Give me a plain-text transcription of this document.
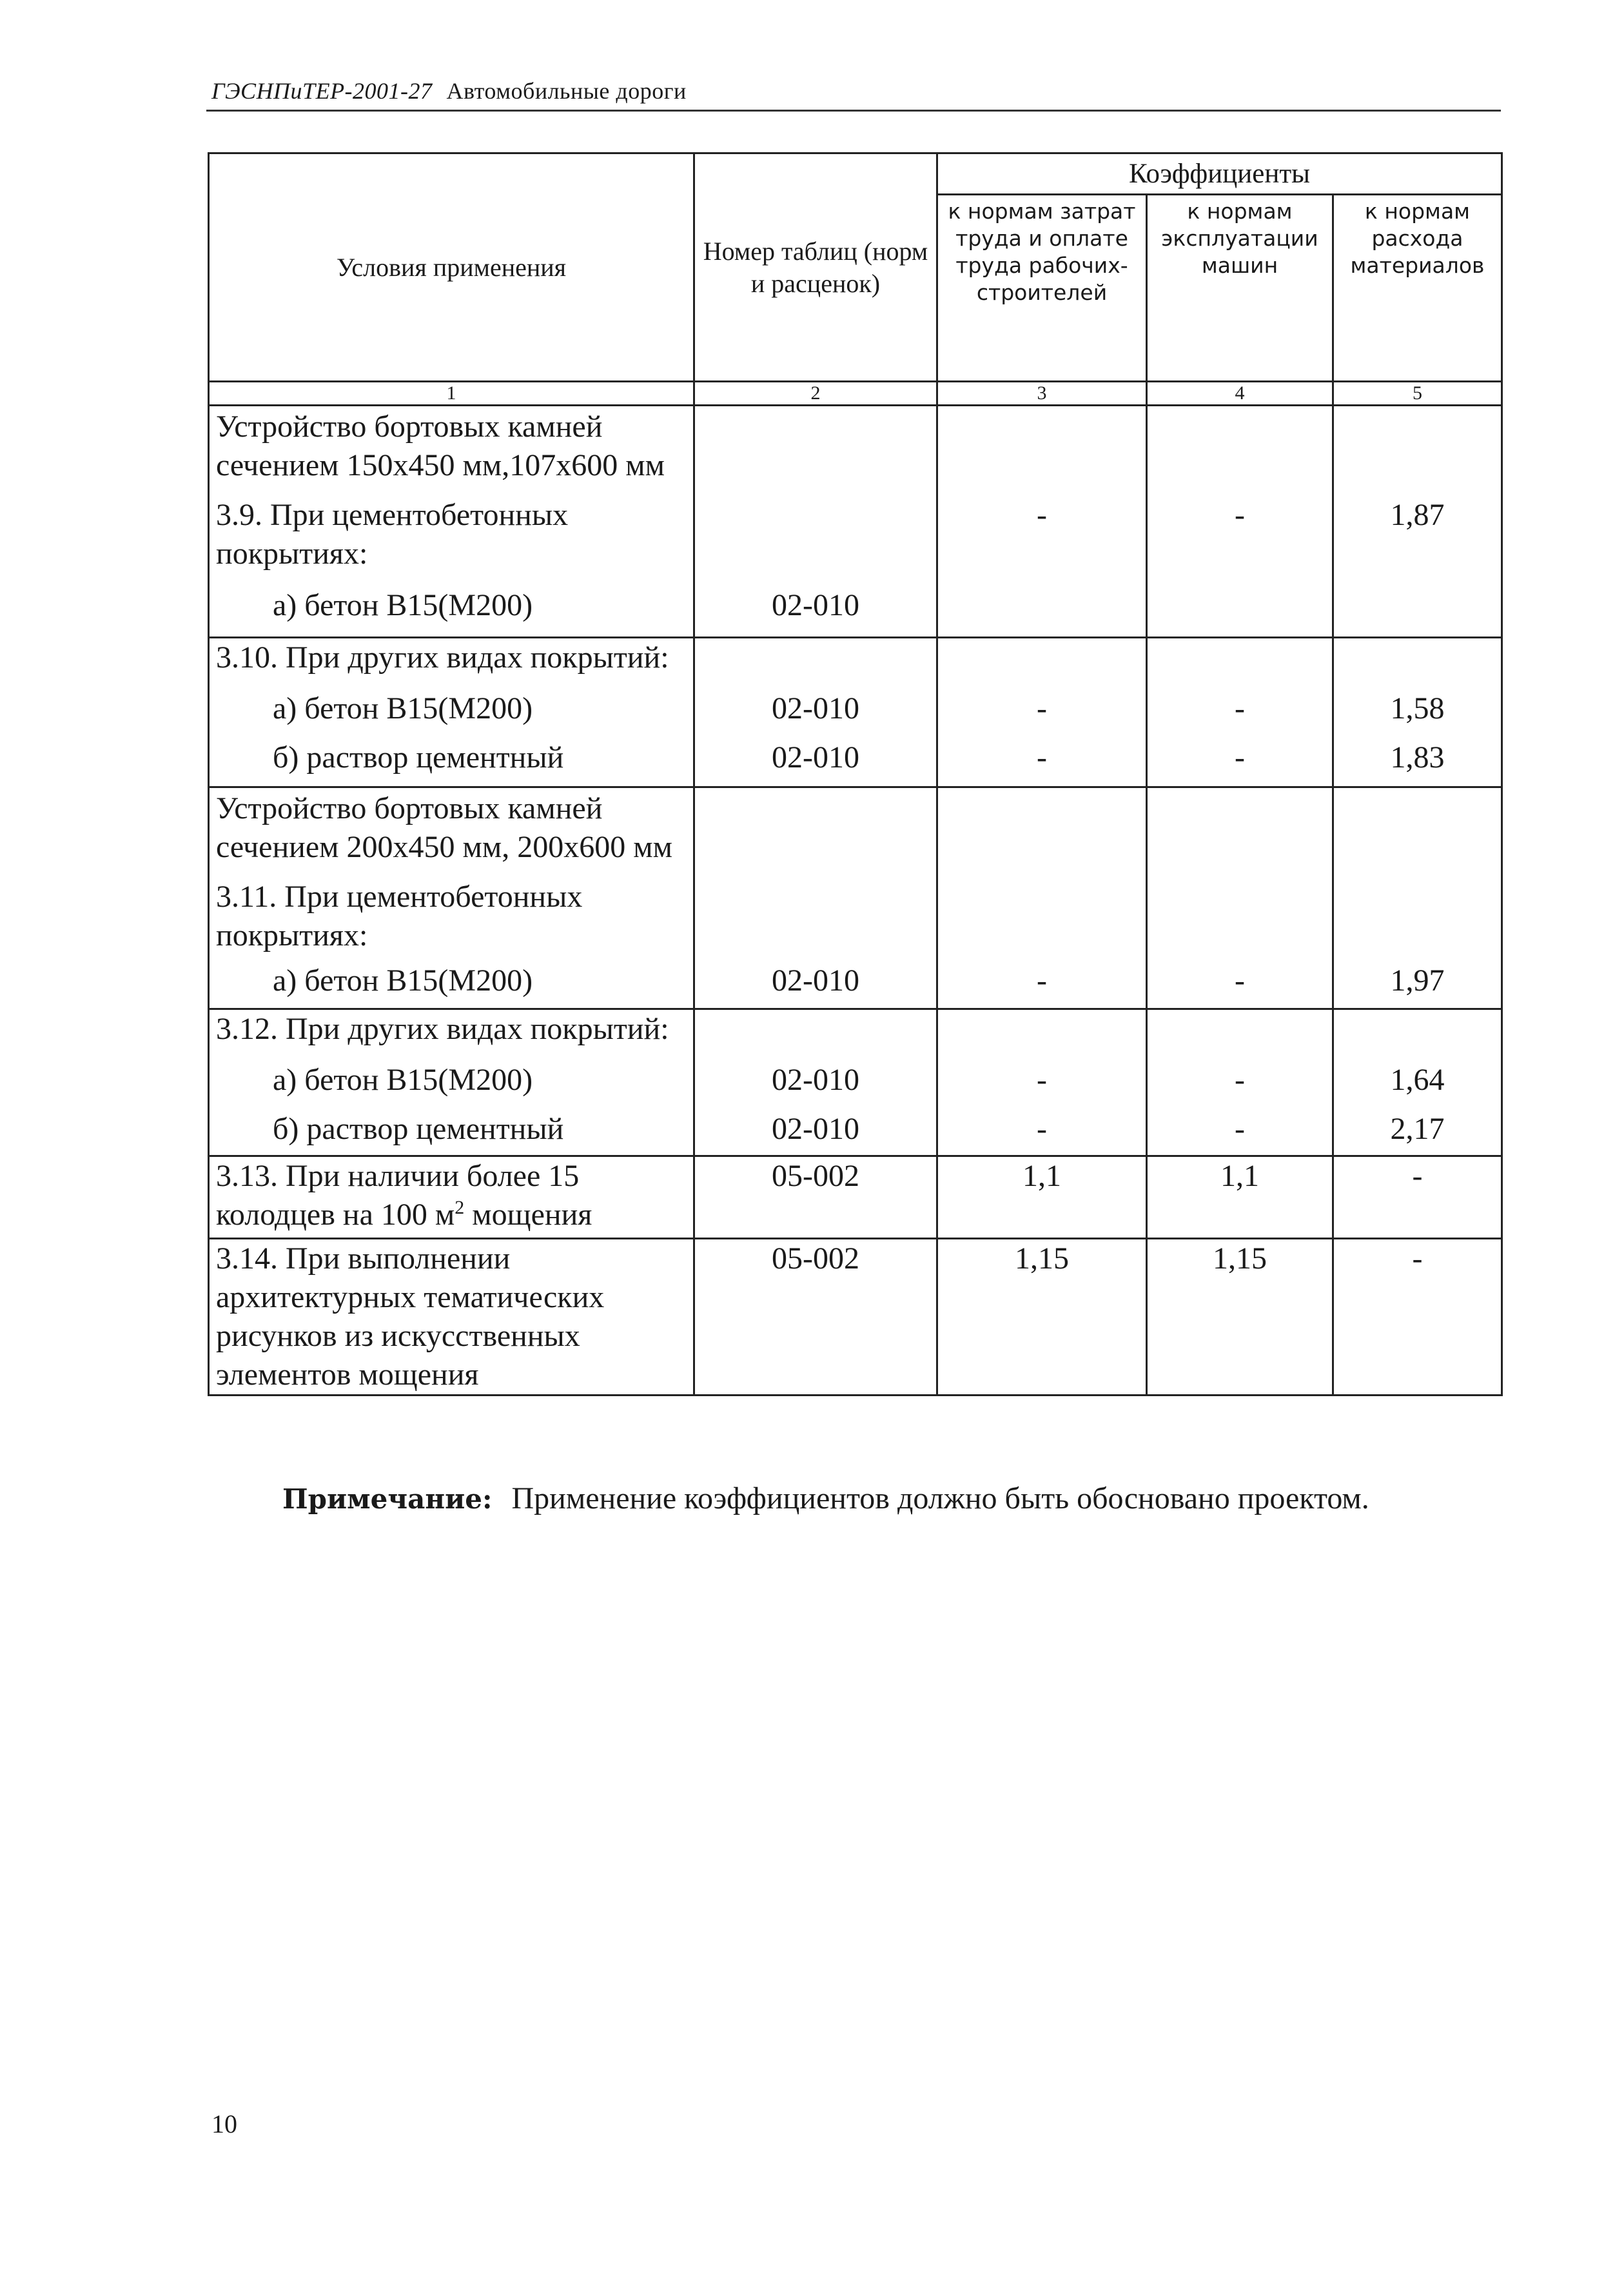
ГЭСНПиТЕР-2001-27 Автомобильные дороги
Условия применения	Номер таблиц (норм и расценок)	Коэффициенты		
		к нормам затрат труда и оплате труда рабочих-строителей	к нормам эксплуатации машин	к нормам расхода материалов
1	2	3	4	5
Устройство бортовых камней сечением 150х450 мм,107х600 мм				
3.9. При цементобетонных покрытиях:		-	-	1,87
а) бетон В15(М200)	02-010			
3.10. При других видах покрытий:				
а) бетон В15(М200)	02-010	-	-	1,58
б) раствор цементный	02-010	-	-	1,83
Устройство бортовых камней сечением 200х450 мм, 200х600 мм				
3.11. При цементобетонных покрытиях:				
а) бетон В15(М200)	02-010	-	-	1,97
3.12. При других видах покрытий:				
а) бетон В15(М200)	02-010	-	-	1,64
б) раствор цементный	02-010	-	-	2,17
3.13. При наличии более 15 колодцев на 100 $м^2$ мощения	05-002	1,1	1,1	-
3.14. При выполнении архитектурных тематических рисунков из искусственных элементов мощения	05-002	1,15	1,15	-
Примечание: Применение коэффициентов должно быть обосновано проектом.
10
